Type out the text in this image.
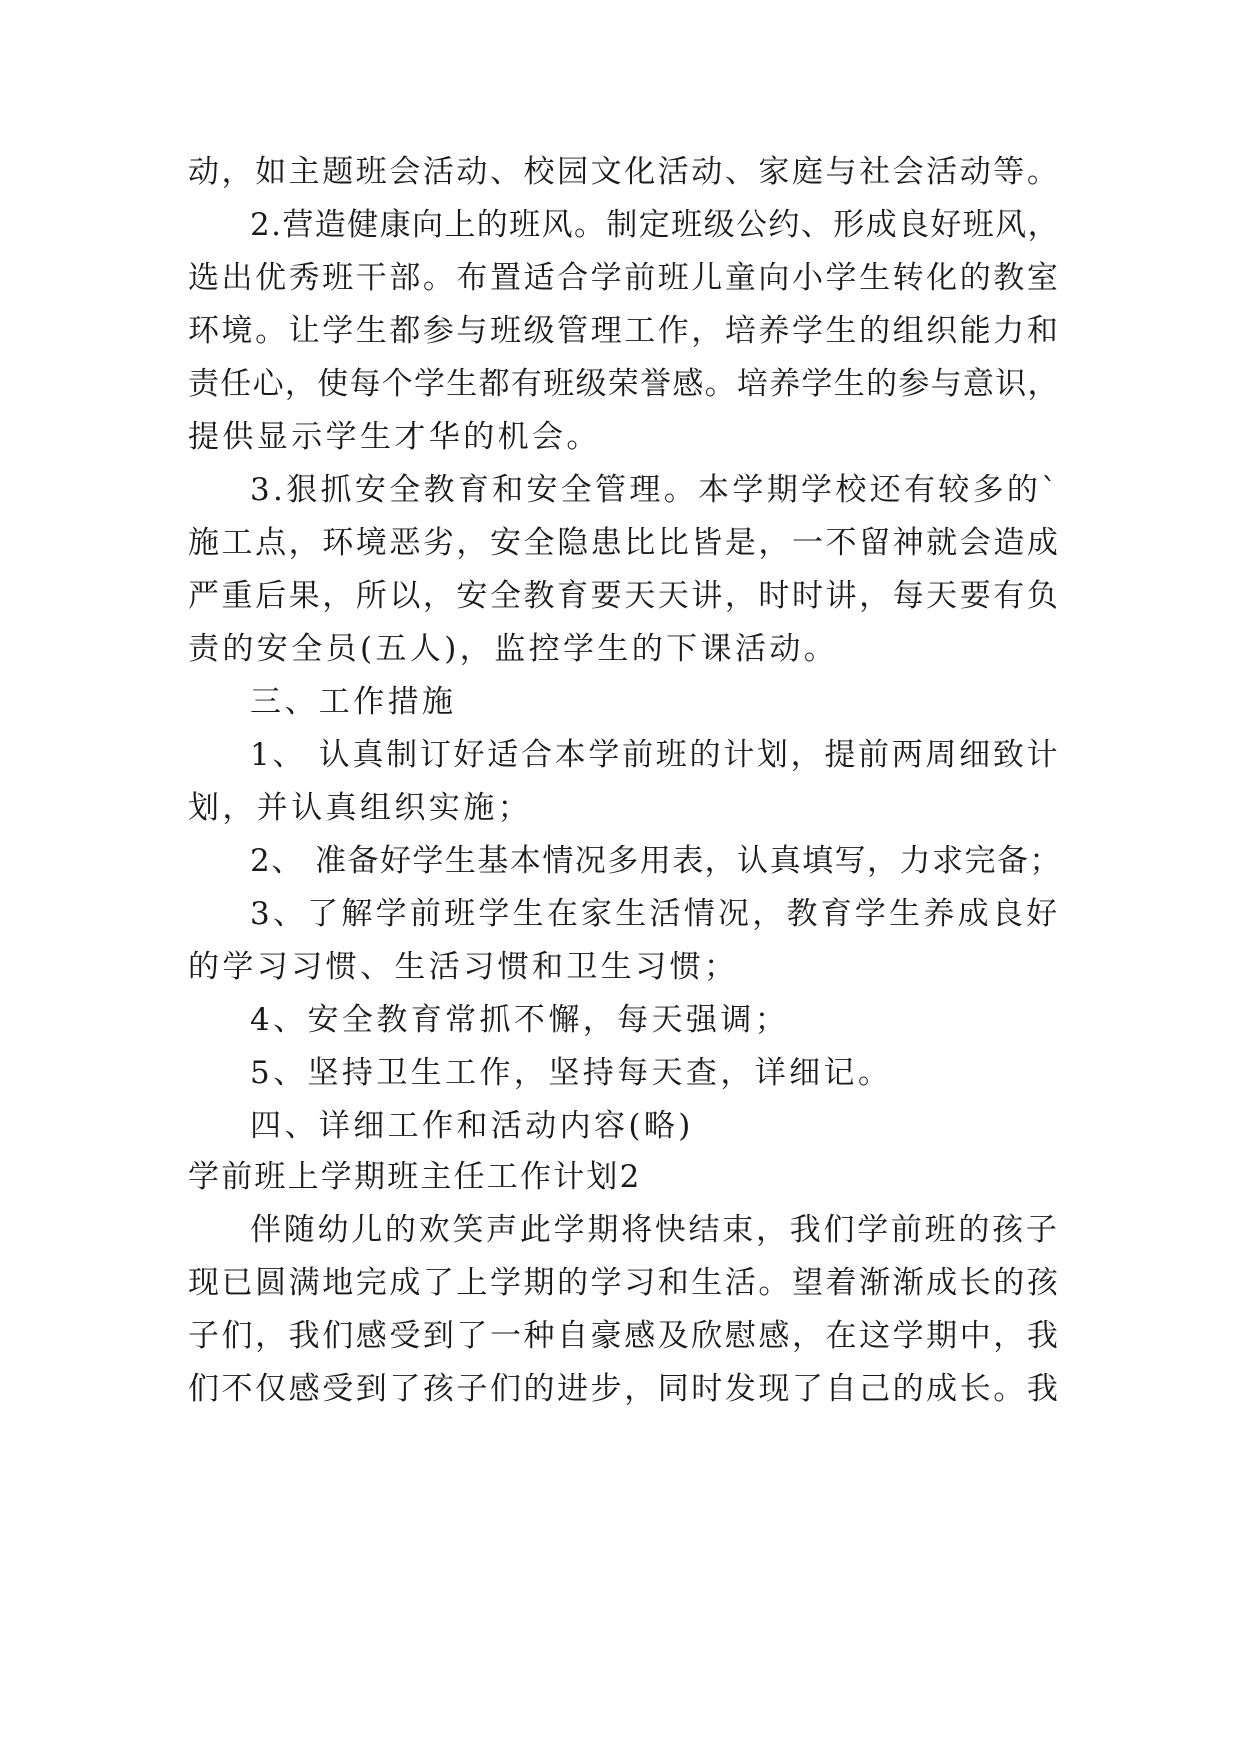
动，如主题班会活动、校园文化活动、家庭与社会活动等。
2.营造健康向上的班风。制定班级公约、形成良好班风，
选出优秀班干部。布置适合学前班儿童向小学生转化的教室
环境。让学生都参与班级管理工作，培养学生的组织能力和
责任心，使每个学生都有班级荣誉感。培养学生的参与意识，
提供显示学生才华的机会。
3.狠抓安全教育和安全管理。本学期学校还有较多的`
施工点，环境恶劣，安全隐患比比皆是，一不留神就会造成
严重后果，所以，安全教育要天天讲，时时讲，每天要有负
责的安全员(五人)，监控学生的下课活动。
三、工作措施
1、 认真制订好适合本学前班的计划，提前两周细致计
划，并认真组织实施；
2、 准备好学生基本情况多用表，认真填写，力求完备；
3、了解学前班学生在家生活情况，教育学生养成良好
的学习习惯、生活习惯和卫生习惯；
4、安全教育常抓不懈，每天强调；
5、坚持卫生工作，坚持每天查，详细记。
四、详细工作和活动内容(略)
学前班上学期班主任工作计划2
伴随幼儿的欢笑声此学期将快结束，我们学前班的孩子
现已圆满地完成了上学期的学习和生活。望着渐渐成长的孩
子们，我们感受到了一种自豪感及欣慰感，在这学期中，我
们不仅感受到了孩子们的进步，同时发现了自己的成长。我
